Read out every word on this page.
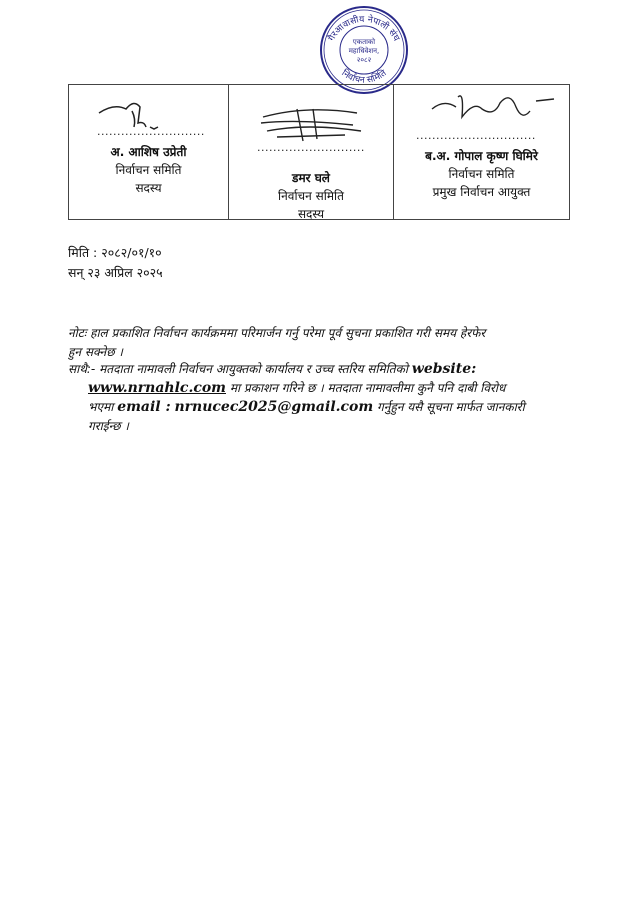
गैरआवासीय नेपाली संघ
निर्वाचन समिति
एकताको
महाधिवेशन,
२०८२
...........................
अ. आशिष उप्रेती
निर्वाचन समिति
सदस्य
...........................
डमर घले
निर्वाचन समिति
सदस्य
..............................
ब.अ. गोपाल कृष्ण घिमिरे
निर्वाचन समिति
प्रमुख निर्वाचन आयुक्त
मिति : २०८२/०१/१०
सन् २३ अप्रिल २०२५
नोटः हाल प्रकाशित निर्वाचन कार्यक्रममा परिमार्जन गर्नु परेमा पूर्व सुचना प्रकाशित गरी समय हेरफेर
हुन सक्नेछ ।
साथै:- मतदाता नामावली निर्वाचन आयुक्तको कार्यालय र उच्च स्तरिय समितिको website:
www.nrnahlc.com मा प्रकाशन गरिने छ । मतदाता नामावलीमा कुनै पनि दाबी विरोध
भएमा email : nrnucec2025@gmail.com गर्नुहुन यसै सूचना मार्फत जानकारी
गराईन्छ ।
